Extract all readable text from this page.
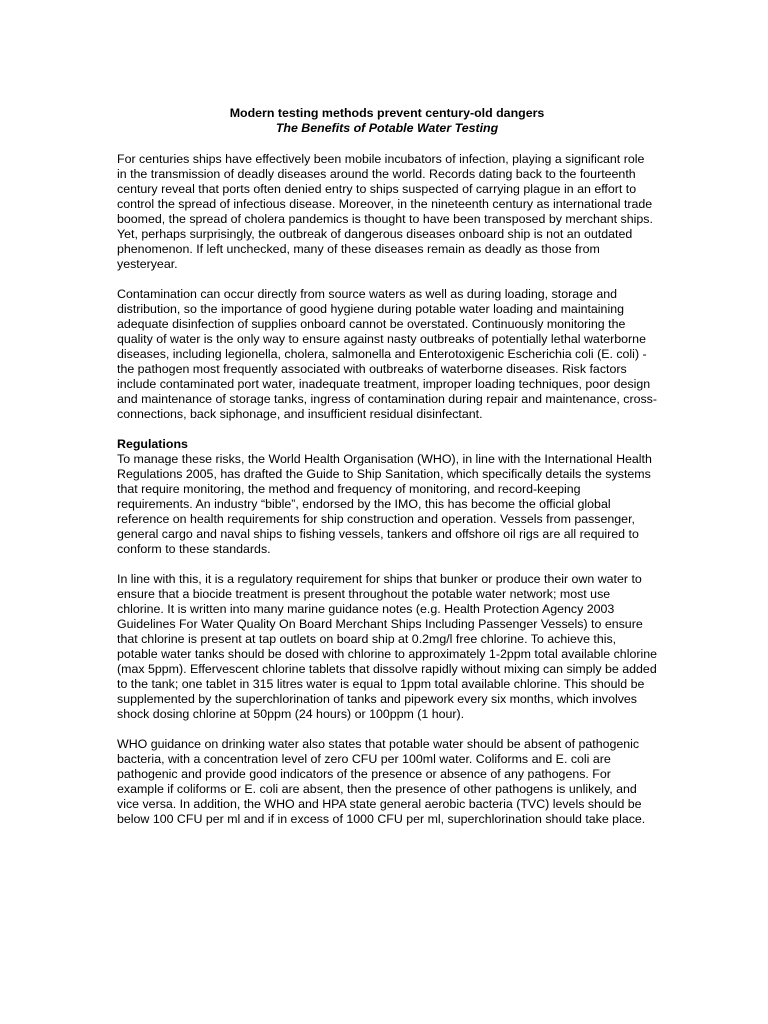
Modern testing methods prevent century-old dangers
The Benefits of Potable Water Testing

For centuries ships have effectively been mobile incubators of infection, playing a significant role in the transmission of deadly diseases around the world. Records dating back to the fourteenth century reveal that ports often denied entry to ships suspected of carrying plague in an effort to control the spread of infectious disease. Moreover, in the nineteenth century as international trade boomed, the spread of cholera pandemics is thought to have been transposed by merchant ships. Yet, perhaps surprisingly, the outbreak of dangerous diseases onboard ship is not an outdated phenomenon. If left unchecked, many of these diseases remain as deadly as those from yesteryear.

Contamination can occur directly from source waters as well as during loading, storage and distribution, so the importance of good hygiene during potable water loading and maintaining adequate disinfection of supplies onboard cannot be overstated. Continuously monitoring the quality of water is the only way to ensure against nasty outbreaks of potentially lethal waterborne diseases, including legionella, cholera, salmonella and Enterotoxigenic Escherichia coli (E. coli) - the pathogen most frequently associated with outbreaks of waterborne diseases. Risk factors include contaminated port water, inadequate treatment, improper loading techniques, poor design and maintenance of storage tanks, ingress of contamination during repair and maintenance, cross-connections, back siphonage, and insufficient residual disinfectant.

Regulations

To manage these risks, the World Health Organisation (WHO), in line with the International Health Regulations 2005, has drafted the Guide to Ship Sanitation, which specifically details the systems that require monitoring, the method and frequency of monitoring, and record-keeping requirements. An industry “bible”, endorsed by the IMO, this has become the official global reference on health requirements for ship construction and operation. Vessels from passenger, general cargo and naval ships to fishing vessels, tankers and offshore oil rigs are all required to conform to these standards.

In line with this, it is a regulatory requirement for ships that bunker or produce their own water to ensure that a biocide treatment is present throughout the potable water network; most use chlorine. It is written into many marine guidance notes (e.g. Health Protection Agency 2003 Guidelines For Water Quality On Board Merchant Ships Including Passenger Vessels) to ensure that chlorine is present at tap outlets on board ship at 0.2mg/l free chlorine. To achieve this, potable water tanks should be dosed with chlorine to approximately 1-2ppm total available chlorine (max 5ppm). Effervescent chlorine tablets that dissolve rapidly without mixing can simply be added to the tank; one tablet in 315 litres water is equal to 1ppm total available chlorine. This should be supplemented by the superchlorination of tanks and pipework every six months, which involves shock dosing chlorine at 50ppm (24 hours) or 100ppm (1 hour).

WHO guidance on drinking water also states that potable water should be absent of pathogenic bacteria, with a concentration level of zero CFU per 100ml water. Coliforms and E. coli are pathogenic and provide good indicators of the presence or absence of any pathogens. For example if coliforms or E. coli are absent, then the presence of other pathogens is unlikely, and vice versa. In addition, the WHO and HPA state general aerobic bacteria (TVC) levels should be below 100 CFU per ml and if in excess of 1000 CFU per ml, superchlorination should take place.
